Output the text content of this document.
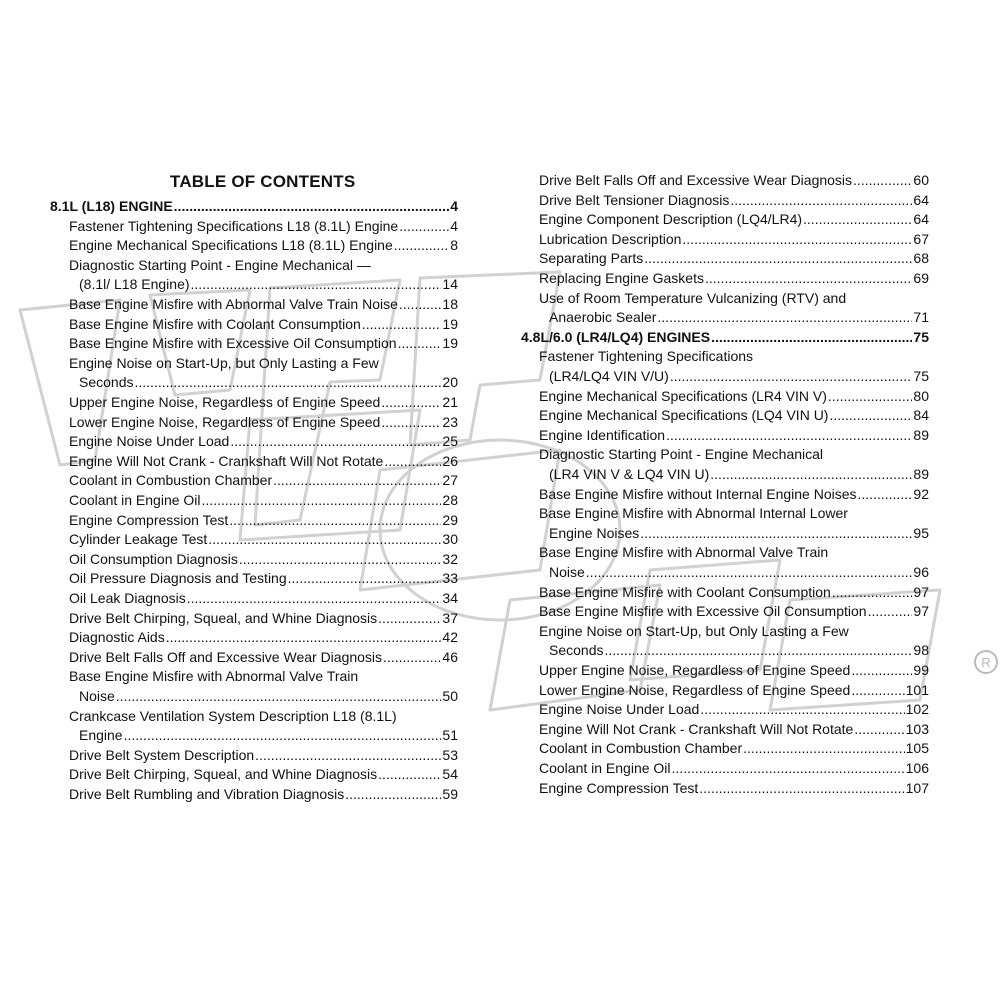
R
TABLE OF CONTENTS
8.1L (L18) ENGINE .....	4
Fastener Tightening Specifications L18 (8.1L) Engine .....	4
Engine Mechanical Specifications L18 (8.1L) Engine .....	8
Diagnostic Starting Point - Engine Mechanical —
(8.1l/ L18 Engine) .....	14
Base Engine Misfire with Abnormal Valve Train Noise .....	18
Base Engine Misfire with Coolant Consumption .....	19
Base Engine Misfire with Excessive Oil Consumption .....	19
Engine Noise on Start-Up, but Only Lasting a Few
Seconds .....	20
Upper Engine Noise, Regardless of Engine Speed .....	21
Lower Engine Noise, Regardless of Engine Speed .....	23
Engine Noise Under Load .....	25
Engine Will Not Crank - Crankshaft Will Not Rotate .....	26
Coolant in Combustion Chamber .....	27
Coolant in Engine Oil .....	28
Engine Compression Test .....	29
Cylinder Leakage Test .....	30
Oil Consumption Diagnosis .....	32
Oil Pressure Diagnosis and Testing .....	33
Oil Leak Diagnosis .....	34
Drive Belt Chirping, Squeal, and Whine Diagnosis .....	37
Diagnostic Aids .....	42
Drive Belt Falls Off and Excessive Wear Diagnosis .....	46
Base Engine Misfire with Abnormal Valve Train
Noise .....	50
Crankcase Ventilation System Description L18 (8.1L)
Engine .....	51
Drive Belt System Description .....	53
Drive Belt Chirping, Squeal, and Whine Diagnosis .....	54
Drive Belt Rumbling and Vibration Diagnosis .....	59
Drive Belt Falls Off and Excessive Wear Diagnosis .....	60
Drive Belt Tensioner Diagnosis .....	64
Engine Component Description (LQ4/LR4) .....	64
Lubrication Description .....	67
Separating Parts .....	68
Replacing Engine Gaskets .....	69
Use of Room Temperature Vulcanizing (RTV) and
Anaerobic Sealer .....	71
4.8L/6.0 (LR4/LQ4) ENGINES .....	75
Fastener Tightening Specifications
(LR4/LQ4 VIN V/U) .....	75
Engine Mechanical Specifications (LR4 VIN V) .....	80
Engine Mechanical Specifications (LQ4 VIN U) .....	84
Engine Identification .....	89
Diagnostic Starting Point - Engine Mechanical
(LR4 VIN V & LQ4 VIN U) .....	89
Base Engine Misfire without Internal Engine Noises .....	92
Base Engine Misfire with Abnormal Internal Lower
Engine Noises .....	95
Base Engine Misfire with Abnormal Valve Train
Noise .....	96
Base Engine Misfire with Coolant Consumption .....	97
Base Engine Misfire with Excessive Oil Consumption .....	97
Engine Noise on Start-Up, but Only Lasting a Few
Seconds .....	98
Upper Engine Noise, Regardless of Engine Speed .....	99
Lower Engine Noise, Regardless of Engine Speed .....	101
Engine Noise Under Load .....	102
Engine Will Not Crank - Crankshaft Will Not Rotate .....	103
Coolant in Combustion Chamber .....	105
Coolant in Engine Oil .....	106
Engine Compression Test .....	107
